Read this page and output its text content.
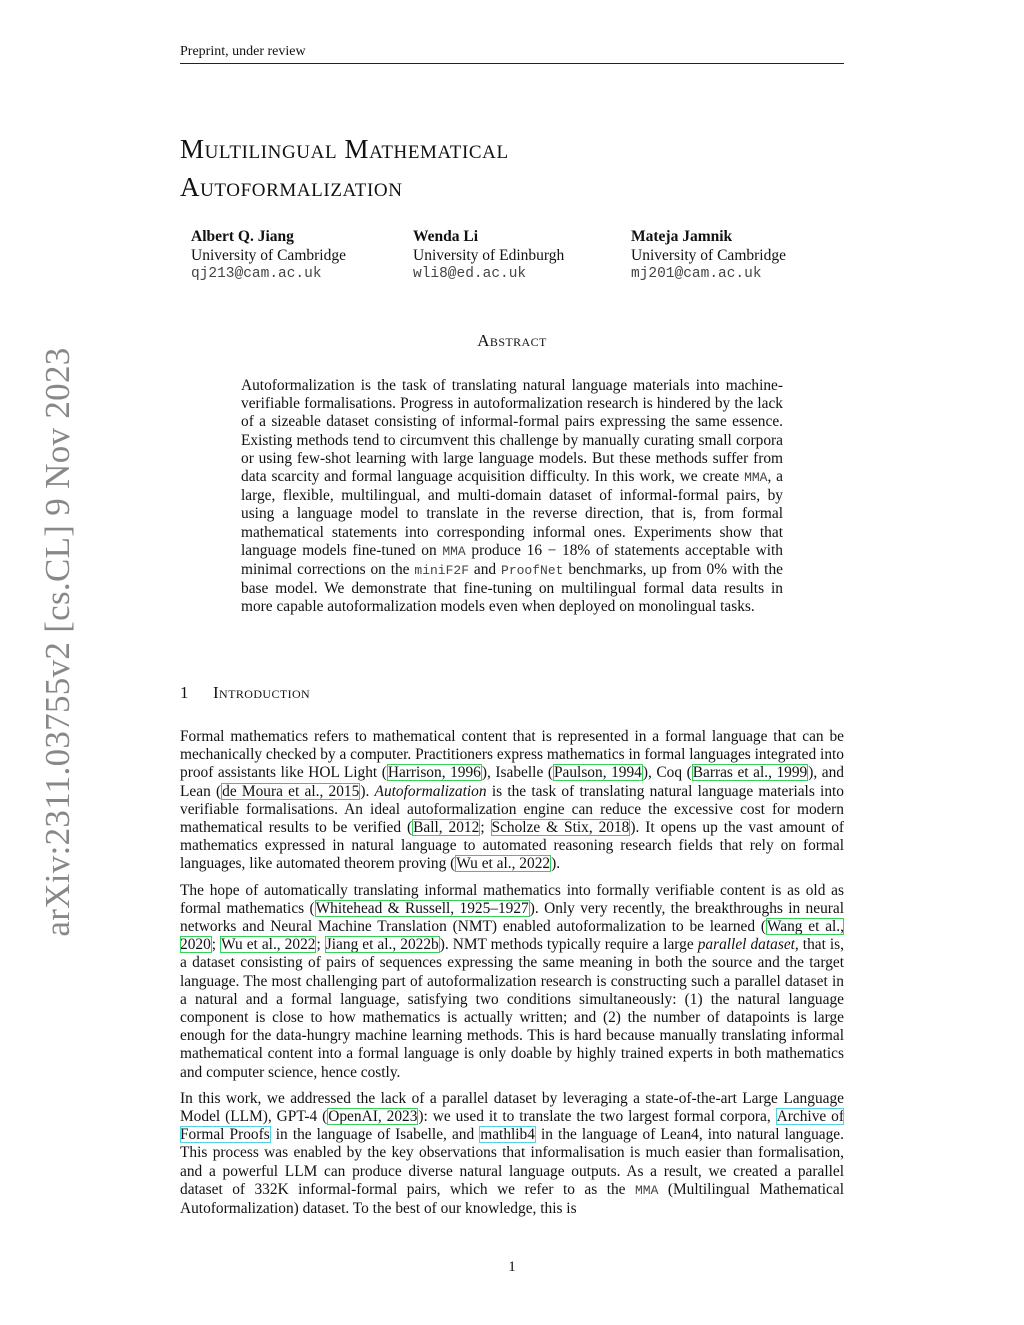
Preprint, under review
arXiv:2311.03755v2 [cs.CL] 9 Nov 2023
Multilingual Mathematical
Autoformalization
Albert Q. Jiang
University of Cambridge
qj213@cam.ac.uk
Wenda Li
University of Edinburgh
wli8@ed.ac.uk
Mateja Jamnik
University of Cambridge
mj201@cam.ac.uk
Abstract

Autoformalization is the task of translating natural language materials into machine-verifiable formalisations. Progress in autoformalization research is hindered by the lack of a sizeable dataset consisting of informal-formal pairs expressing the same essence. Existing methods tend to circumvent this challenge by manually curating small corpora or using few-shot learning with large language models. But these methods suffer from data scarcity and formal language acquisition difficulty. In this work, we create MMA, a large, flexible, multilingual, and multi-domain dataset of informal-formal pairs, by using a language model to translate in the reverse direction, that is, from formal mathematical statements into corresponding informal ones. Experiments show that language models fine-tuned on MMA produce 16 − 18% of statements acceptable with minimal corrections on the miniF2F and ProofNet benchmarks, up from 0% with the base model. We demonstrate that fine-tuning on multilingual formal data results in more capable autoformalization models even when deployed on monolingual tasks.

1 Introduction

Formal mathematics refers to mathematical content that is represented in a formal language that can be mechanically checked by a computer. Practitioners express mathematics in formal languages integrated into proof assistants like HOL Light (Harrison, 1996), Isabelle (Paulson, 1994), Coq (Barras et al., 1999), and Lean (de Moura et al., 2015). Autoformalization is the task of translating natural language materials into verifiable formalisations. An ideal autoformalization engine can reduce the excessive cost for modern mathematical results to be verified (Ball, 2012; Scholze & Stix, 2018). It opens up the vast amount of mathematics expressed in natural language to automated reasoning research fields that rely on formal languages, like automated theorem proving (Wu et al., 2022).

The hope of automatically translating informal mathematics into formally verifiable content is as old as formal mathematics (Whitehead & Russell, 1925–1927). Only very recently, the breakthroughs in neural networks and Neural Machine Translation (NMT) enabled autoformalization to be learned (Wang et al., 2020; Wu et al., 2022; Jiang et al., 2022b). NMT methods typically require a large parallel dataset, that is, a dataset consisting of pairs of sequences expressing the same meaning in both the source and the target language. The most challenging part of autoformalization research is constructing such a parallel dataset in a natural and a formal language, satisfying two conditions simultaneously: (1) the natural language component is close to how mathematics is actually written; and (2) the number of datapoints is large enough for the data-hungry machine learning methods. This is hard because manually translating informal mathematical content into a formal language is only doable by highly trained experts in both mathematics and computer science, hence costly.

In this work, we addressed the lack of a parallel dataset by leveraging a state-of-the-art Large Language Model (LLM), GPT-4 (OpenAI, 2023): we used it to translate the two largest formal corpora, Archive of Formal Proofs in the language of Isabelle, and mathlib4 in the language of Lean4, into natural language. This process was enabled by the key observations that informalisation is much easier than formalisation, and a powerful LLM can produce diverse natural language outputs. As a result, we created a parallel dataset of 332K informal-formal pairs, which we refer to as the MMA (Multilingual Mathematical Autoformalization) dataset. To the best of our knowledge, this is

1
